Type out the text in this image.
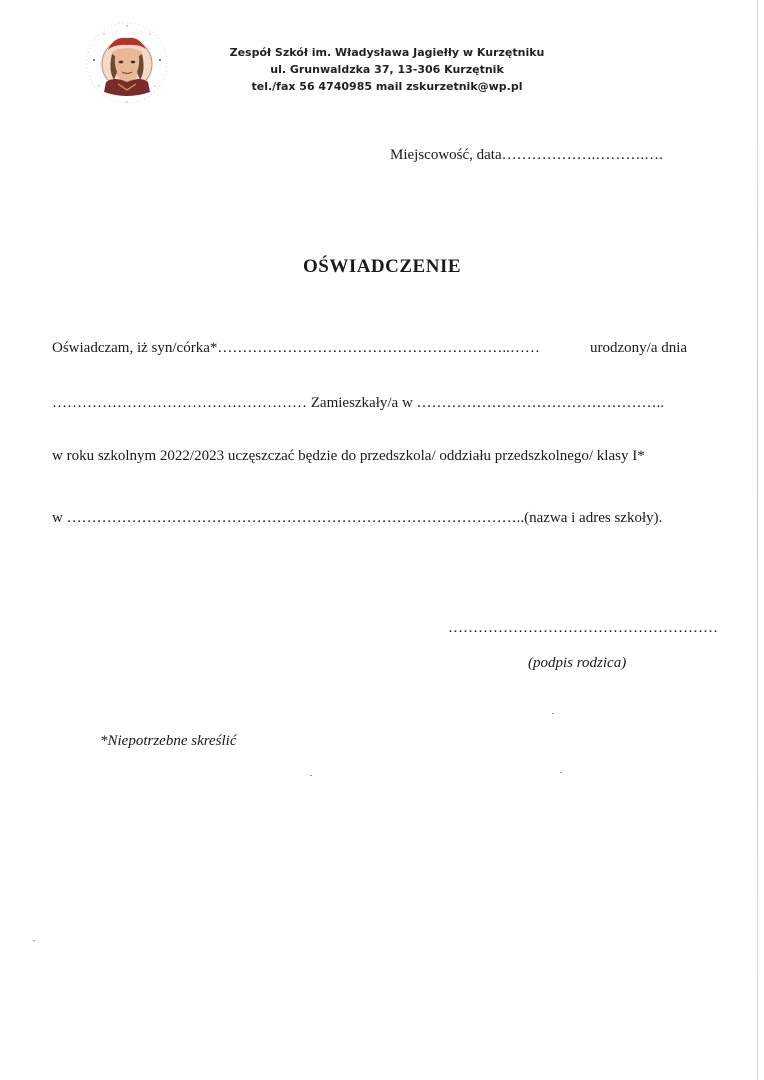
Zespół Szkół im. Władysława Jagiełły w Kurzętniku
ul. Grunwaldzka 37, 13-306 Kurzętnik
tel./fax 56 4740985 mail zskurzetnik@wp.pl
Miejscowość, data……………….……….….
OŚWIADCZENIE
Oświadczam, iż syn/córka*…………………………………………………..……	urodzony/a dnia
…………………………………………… Zamieszkały/a w …………………………………………..
w roku szkolnym 2022/2023 uczęszczać będzie do przedszkola/ oddziału przedszkolnego/ klasy I*
w ………………………………………………………………………………..(nazwa i adres szkoły).
………………………………………………
(podpis rodzica)
*Niepotrzebne skreślić
